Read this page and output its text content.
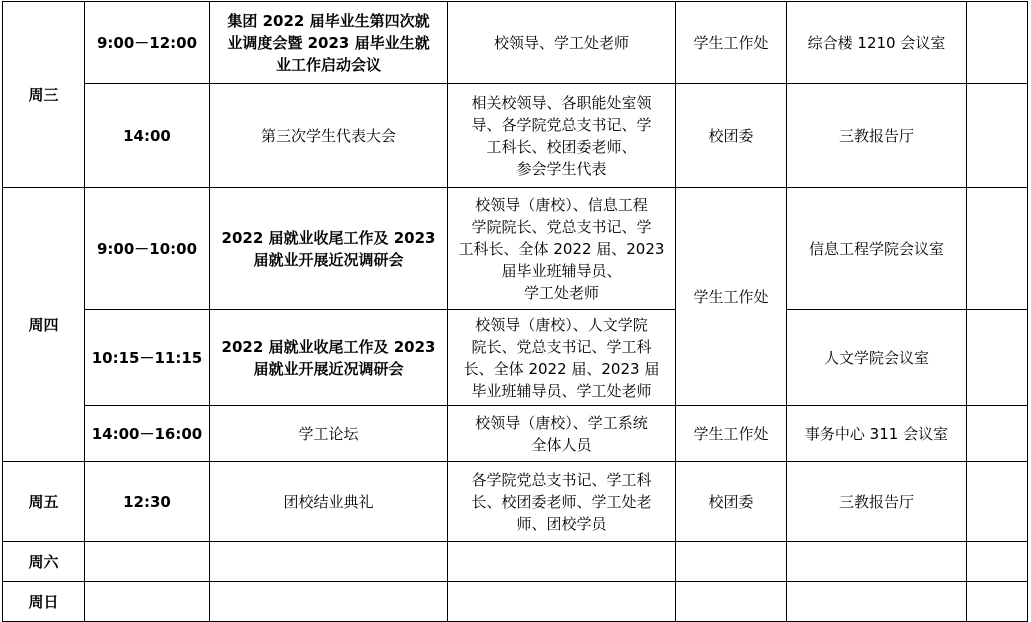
周三	9:00－12:00	集团 2022 届毕业生第四次就
业调度会暨 2023 届毕业生就
业工作启动会议	校领导、学工处老师	学生工作处	综合楼 1210 会议室	
	14:00	第三次学生代表大会	相关校领导、各职能处室领
导、各学院党总支书记、学
工科长、校团委老师、
参会学生代表	校团委	三教报告厅	
周四	9:00－10:00	2022 届就业收尾工作及 2023
届就业开展近况调研会	校领导（唐校）、信息工程
学院院长、党总支书记、学
工科长、全体 2022 届、2023
届毕业班辅导员、
学工处老师	学生工作处	信息工程学院会议室	
	10:15－11:15	2022 届就业收尾工作及 2023
届就业开展近况调研会	校领导（唐校）、人文学院
院长、党总支书记、学工科
长、全体 2022 届、2023 届
毕业班辅导员、学工处老师		人文学院会议室	
	14:00－16:00	学工论坛	校领导（唐校）、学工系统
全体人员	学生工作处	事务中心 311 会议室	
周五	12:30	团校结业典礼	各学院党总支书记、学工科
长、校团委老师、学工处老
师、团校学员	校团委	三教报告厅	
周六						
周日						
